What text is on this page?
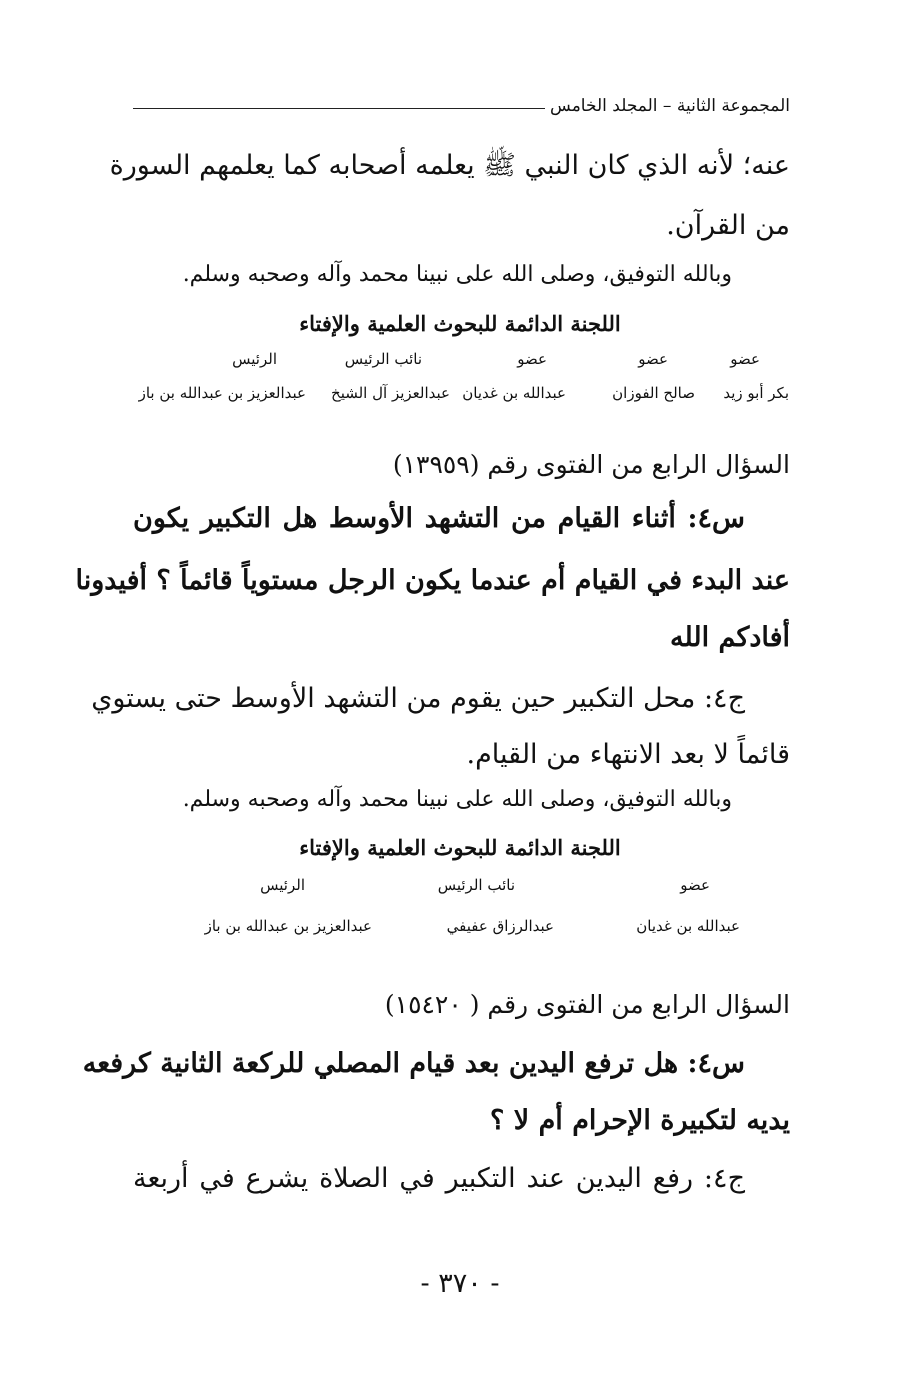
المجموعة الثانية – المجلد الخامس
عنه؛ لأنه الذي كان النبي ﷺ يعلمه أصحابه كما يعلمهم السورة
من القرآن.
وبالله التوفيق، وصلى الله على نبينا محمد وآله وصحبه وسلم.
اللجنة الدائمة للبحوث العلمية والإفتاء
عضو
عضو
عضو
نائب الرئيس
الرئيس
بكر أبو زيد
صالح الفوزان
عبدالله بن غديان
عبدالعزيز آل الشيخ
عبدالعزيز بن عبدالله بن باز
السؤال الرابع من الفتوى رقم (١٣٩٥٩)
س٤: أثناء القيام من التشهد الأوسط هل التكبير يكون
عند البدء في القيام أم عندما يكون الرجل مستوياً قائماً ؟ أفيدونا
أفادكم الله
ج٤: محل التكبير حين يقوم من التشهد الأوسط حتى يستوي
قائماً لا بعد الانتهاء من القيام.
وبالله التوفيق، وصلى الله على نبينا محمد وآله وصحبه وسلم.
اللجنة الدائمة للبحوث العلمية والإفتاء
عضو
نائب الرئيس
الرئيس
عبدالله بن غديان
عبدالرزاق عفيفي
عبدالعزيز بن عبدالله بن باز
السؤال الرابع من الفتوى رقم ( ١٥٤٢٠)
س٤: هل ترفع اليدين بعد قيام المصلي للركعة الثانية كرفعه
يديه لتكبيرة الإحرام أم لا ؟
ج٤: رفع اليدين عند التكبير في الصلاة يشرع في أربعة
- ٣٧٠ -
